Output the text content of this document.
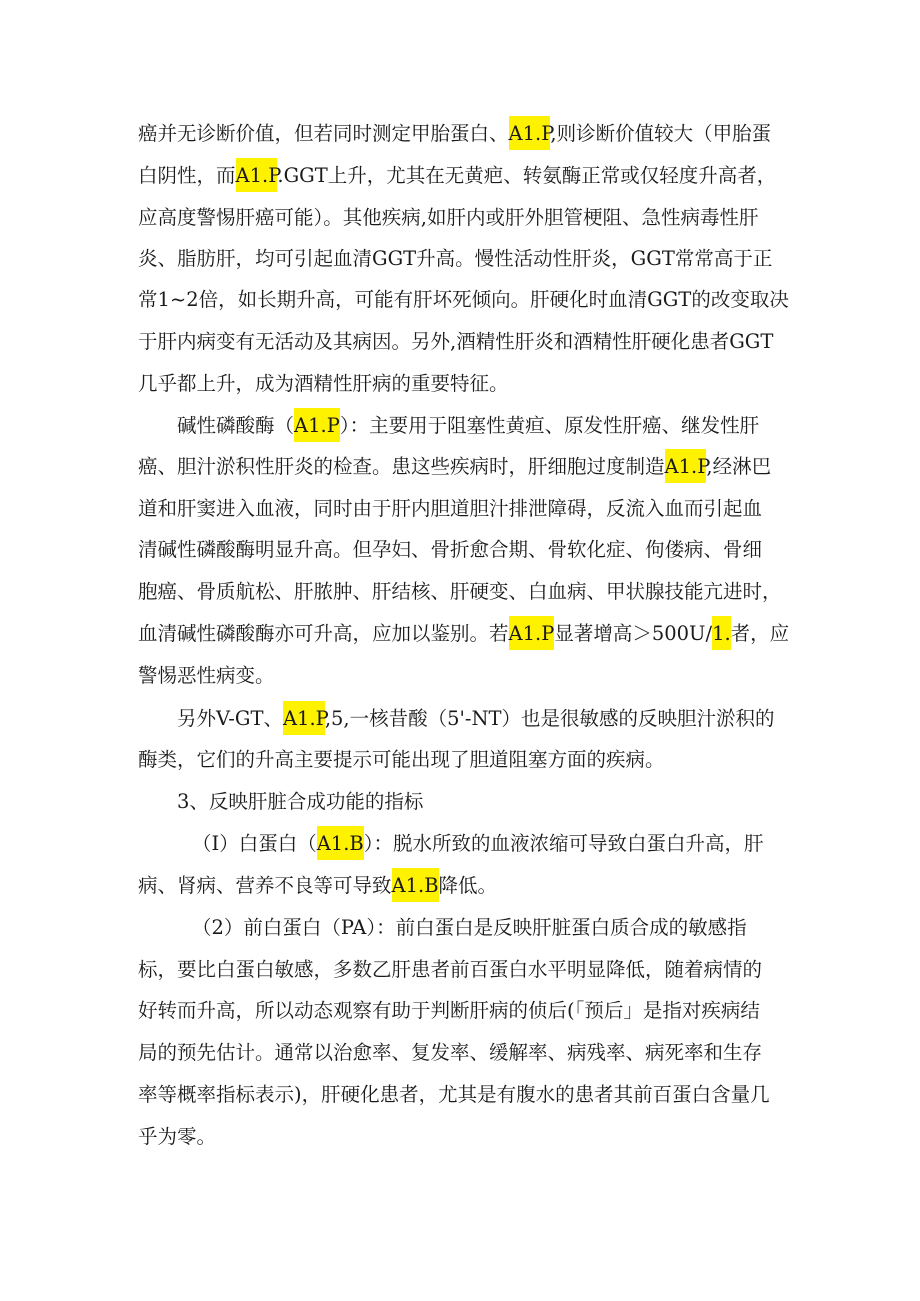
癌并无诊断价值，但若同时测定甲胎蛋白、A1.P,则诊断价值较大（甲胎蛋
白阴性，而A1.P.GGT上升，尤其在无黄疤、转氨酶正常或仅轻度升高者，
应高度警惕肝癌可能）。其他疾病,如肝内或肝外胆管梗阻、急性病毒性肝
炎、脂肪肝，均可引起血清GGT升高。慢性活动性肝炎，GGT常常高于正
常1~2倍，如长期升高，可能有肝坏死倾向。肝硬化时血清GGT的改变取决
于肝内病变有无活动及其病因。另外,酒精性肝炎和酒精性肝硬化患者GGT
几乎都上升，成为酒精性肝病的重要特征。
碱性磷酸酶（A1.P）：主要用于阻塞性黄疸、原发性肝癌、继发性肝
癌、胆汁淤积性肝炎的检查。患这些疾病时，肝细胞过度制造A1.P,经淋巴
道和肝窦进入血液，同时由于肝内胆道胆汁排泄障碍，反流入血而引起血
清碱性磷酸酶明显升高。但孕妇、骨折愈合期、骨软化症、佝偻病、骨细
胞癌、骨质航松、肝脓肿、肝结核、肝硬变、白血病、甲状腺技能亢进时，
血清碱性磷酸酶亦可升高，应加以鉴别。若A1.P显著增高＞500U∕1.者，应
警惕恶性病变。
另外V-GT、A1.P,5,一核昔酸（5'-NT）也是很敏感的反映胆汁淤积的
酶类，它们的升高主要提示可能出现了胆道阻塞方面的疾病。
3、反映肝脏合成功能的指标
（I）白蛋白（A1.B）：脱水所致的血液浓缩可导致白蛋白升高，肝
病、肾病、营养不良等可导致A1.B降低。
（2）前白蛋白（PA）：前白蛋白是反映肝脏蛋白质合成的敏感指
标，要比白蛋白敏感，多数乙肝患者前百蛋白水平明显降低，随着病情的
好转而升高，所以动态观察有助于判断肝病的侦后(「预后」是指对疾病结
局的预先估计。通常以治愈率、复发率、缓解率、病残率、病死率和生存
率等概率指标表示)，肝硬化患者，尤其是有腹水的患者其前百蛋白含量几
乎为零。
